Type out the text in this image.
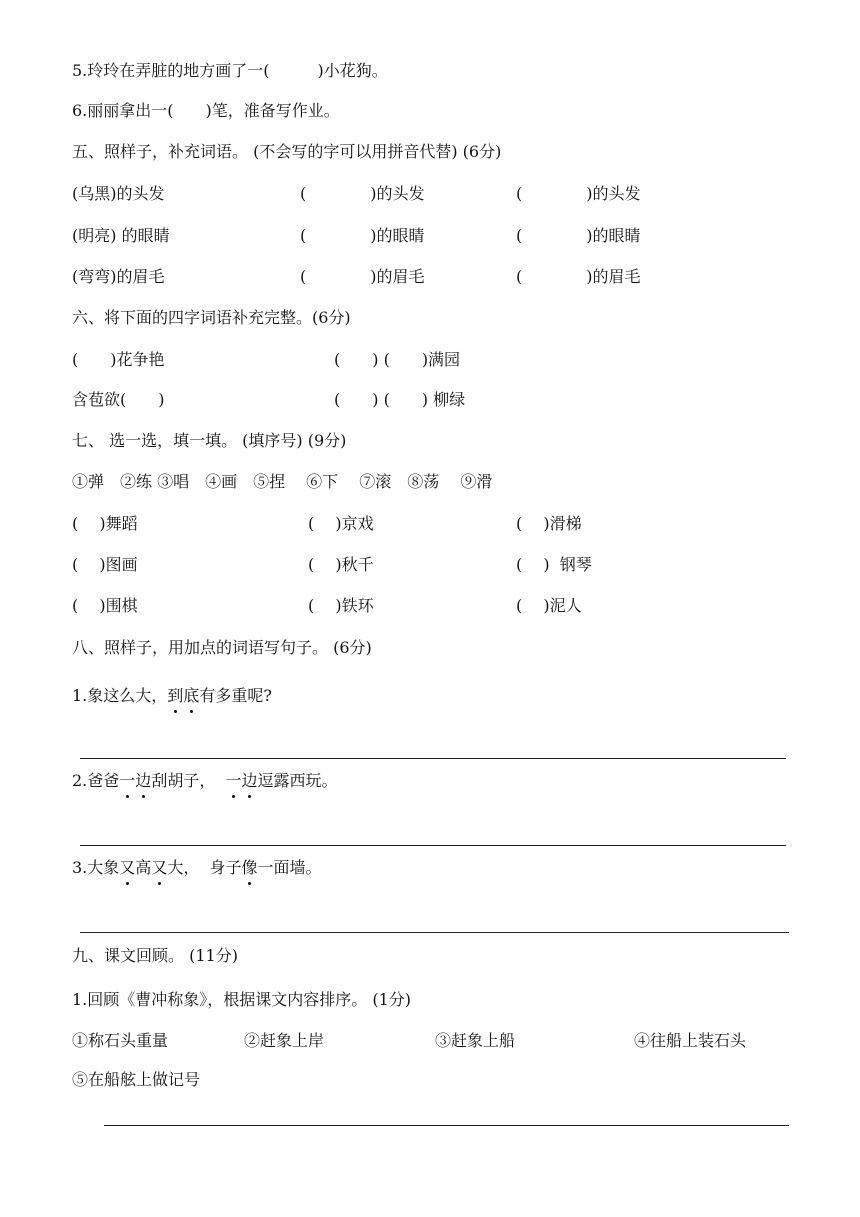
5.玲玲在弄脏的地方画了一(　　　)小花狗。
6.丽丽拿出一(　　)笔，准备写作业。
五、照样子，补充词语。 (不会写的字可以用拼音代替) (6分)
(乌黑)的头发	(　　　　)的头发	(　　　　)的头发
(明亮) 的眼睛	(　　　　)的眼睛	(　　　　)的眼睛
(弯弯)的眉毛	(　　　　)的眉毛	(　　　　)的眉毛
六、将下面的四字词语补充完整。(6分)
(　　)花争艳	(　　) (　　)满园
含苞欲(　　)	(　　) (　　) 柳绿
七、 选一选，填一填。 (填序号) (9分)
①弹　②练 ③唱　④画　⑤捏　 ⑥下　 ⑦滚　⑧荡　 ⑨滑
(　 )舞蹈	(　 )京戏	(　 )滑梯
(　 )图画	(　 )秋千	(　 )  钢琴
(　 )围棋	(　 )铁环	(　 )泥人
八、照样子，用加点的词语写句子。 (6分)
1.象这么大，到底有多重呢?
2.爸爸一边刮胡子，  一边逗露西玩。
3.大象又高又大，  身子像一面墙。
九、课文回顾。 (11分)
1.回顾《曹冲称象》，根据课文内容排序。 (1分)
①称石头重量	②赶象上岸	③赶象上船	④往船上装石头
⑤在船舷上做记号
